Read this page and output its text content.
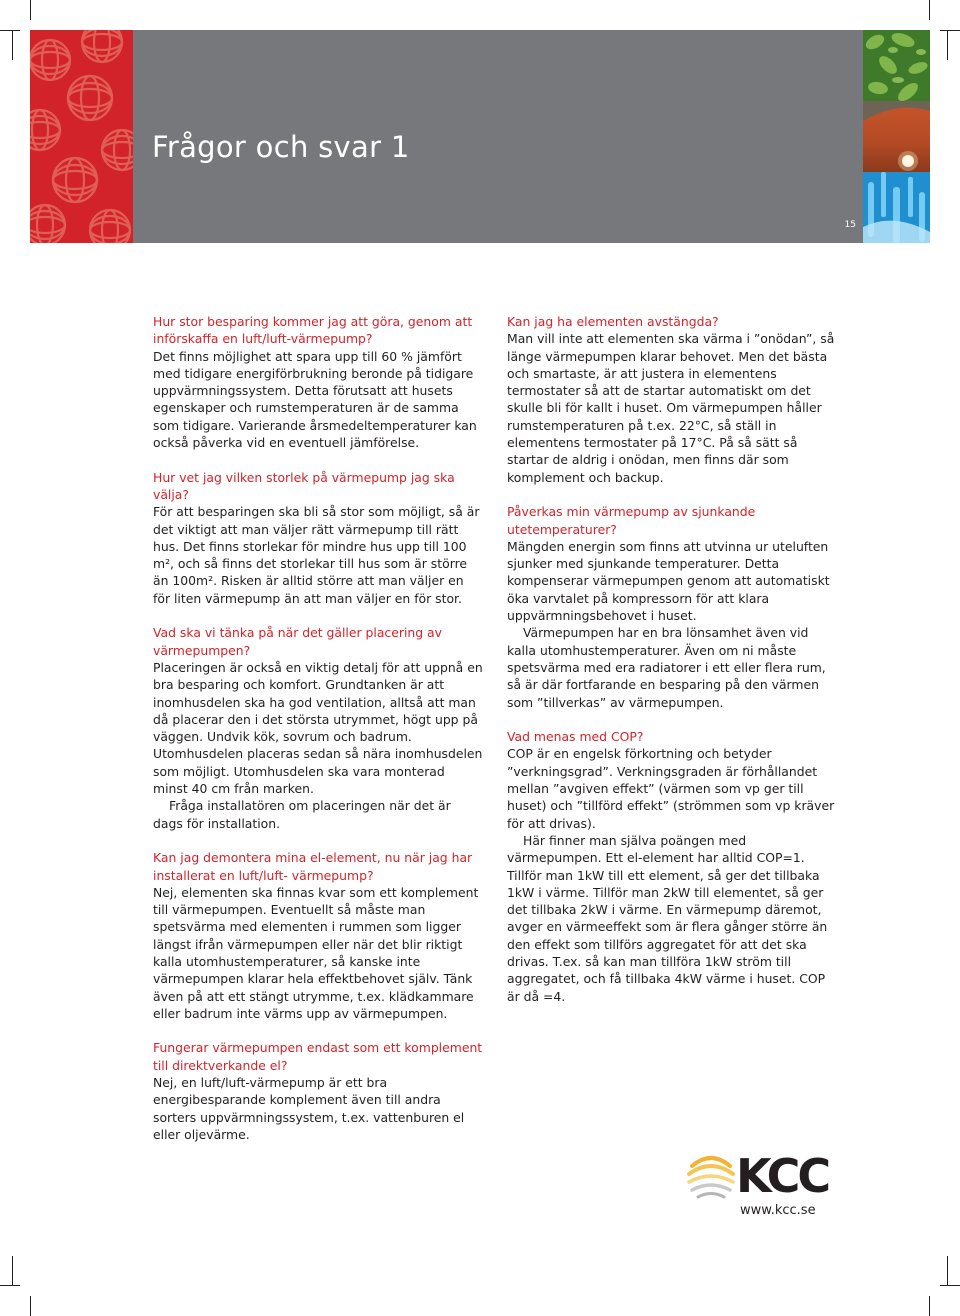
Frågor och svar 1
15

Hur stor besparing kommer jag att göra, genom att införskaffa en luft/luft-värmepump?

Det finns möjlighet att spara upp till 60 % jämfört med tidigare energiförbrukning beronde på tidigare uppvärmningssystem. Detta förutsatt att husets egenskaper och rumstemperaturen är de samma som tidigare. Varierande årsmedeltemperaturer kan också påverka vid en eventuell jämförelse.

Hur vet jag vilken storlek på värmepump jag ska välja?

För att besparingen ska bli så stor som möjligt, så är det viktigt att man väljer rätt värmepump till rätt hus. Det finns storlekar för mindre hus upp till 100 m², och så finns det storlekar till hus som är större än 100m². Risken är alltid större att man väljer en för liten värmepump än att man väljer en för stor.

Vad ska vi tänka på när det gäller placering av värmepumpen?

Placeringen är också en viktig detalj för att uppnå en bra besparing och komfort. Grundtanken är att inomhusdelen ska ha god ventilation, alltså att man då placerar den i det största utrymmet, högt upp på väggen. Undvik kök, sovrum och badrum. Utomhusdelen placeras sedan så nära inomhusdelen som möjligt. Utomhusdelen ska vara monterad minst 40 cm från marken.

Fråga installatören om placeringen när det är dags för installation.

Kan jag demontera mina el-element, nu när jag har installerat en luft/luft- värmepump?

Nej, elementen ska finnas kvar som ett komplement till värmepumpen. Eventuellt så måste man spetsvärma med elementen i rummen som ligger längst ifrån värmepumpen eller när det blir riktigt kalla utomhustemperaturer, så kanske inte värmepumpen klarar hela effektbehovet själv. Tänk även på att ett stängt utrymme, t.ex. klädkammare eller badrum inte värms upp av värmepumpen.

Fungerar värmepumpen endast som ett komplement till direktverkande el?

Nej, en luft/luft-värmepump är ett bra energibesparande komplement även till andra sorters uppvärmningssystem, t.ex. vattenburen el eller oljevärme.

Kan jag ha elementen avstängda?

Man vill inte att elementen ska värma i ”onödan”, så länge värmepumpen klarar behovet. Men det bästa och smartaste, är att justera in elementens termostater så att de startar automatiskt om det skulle bli för kallt i huset. Om värmepumpen håller rumstemperaturen på t.ex. 22°C, så ställ in elementens termostater på 17°C. På så sätt så startar de aldrig i onödan, men finns där som komplement och backup.

Påverkas min värmepump av sjunkande utetemperaturer?

Mängden energin som finns att utvinna ur uteluften sjunker med sjunkande temperaturer. Detta kompenserar värmepumpen genom att automatiskt öka varvtalet på kompressorn för att klara uppvärmningsbehovet i huset.

Värmepumpen har en bra lönsamhet även vid kalla utomhustemperaturer. Även om ni måste spetsvärma med era radiatorer i ett eller flera rum, så är där fortfarande en besparing på den värmen som ”tillverkas” av värmepumpen.

Vad menas med COP?

COP är en engelsk förkortning och betyder ”verkningsgrad”. Verkningsgraden är förhållandet mellan ”avgiven effekt” (värmen som vp ger till huset) och ”tillförd effekt” (strömmen som vp kräver för att drivas).

Här finner man själva poängen med värmepumpen. Ett el-element har alltid COP=1. Tillför man 1kW till ett element, så ger det tillbaka 1kW i värme. Tillför man 2kW till elementet, så ger det tillbaka 2kW i värme. En värmepump däremot, avger en värmeeffekt som är flera gånger större än den effekt som tillförs aggregatet för att det ska drivas. T.ex. så kan man tillföra 1kW ström till aggregatet, och få tillbaka 4kW värme i huset. COP är då =4.

KCC
www.kcc.se
